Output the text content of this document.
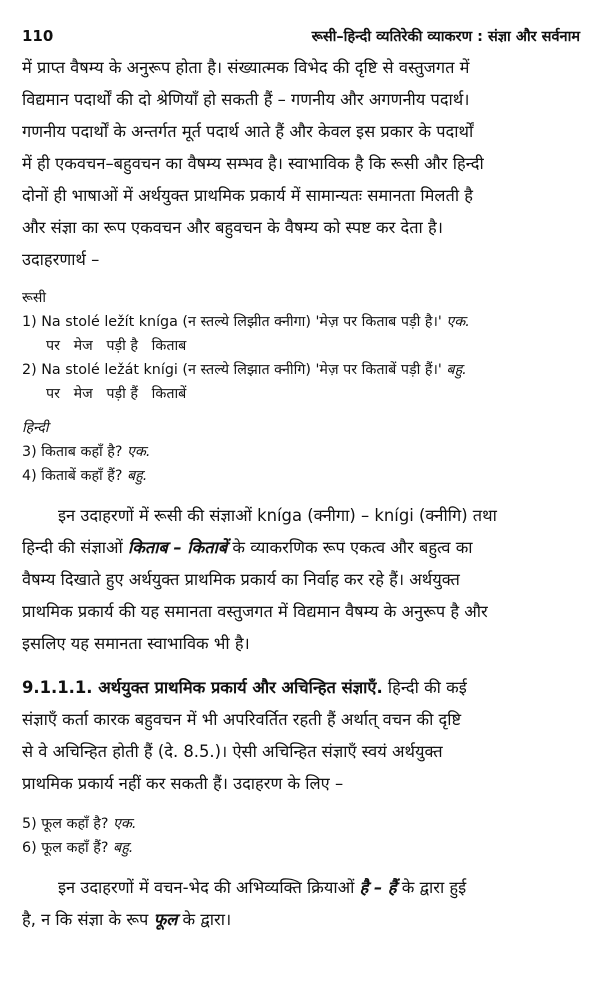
110	रूसी–हिन्दी व्यतिरेकी व्याकरण : संज्ञा और सर्वनाम

में प्राप्त वैषम्य के अनुरूप होता है। संख्यात्मक विभेद की दृष्टि से वस्तुजगत में

विद्यमान पदार्थों की दो श्रेणियाँ हो सकती हैं – गणनीय और अगणनीय पदार्थ।

गणनीय पदार्थों के अन्तर्गत मूर्त पदार्थ आते हैं और केवल इस प्रकार के पदार्थों

में ही एकवचन–बहुवचन का वैषम्य सम्भव है। स्वाभाविक है कि रूसी और हिन्दी

दोनों ही भाषाओं में अर्थयुक्त प्राथमिक प्रकार्य में सामान्यतः समानता मिलती है

और संज्ञा का रूप एकवचन और बहुवचन के वैषम्य को स्पष्ट कर देता है।

उदाहरणार्थ –

रूसी
1) Na stolé ležít kníga (न स्तल्ये लिझीत क्नीगा) 'मेज़ पर किताब पड़ी है।' एक.
पर   मेज   पड़ी है   किताब
2) Na stolé ležát knígi (न स्तल्ये लिझात क्नीगि) 'मेज़ पर किताबें पड़ी हैं।' बहु.
पर   मेज   पड़ी हैं   किताबें
हिन्दी
3) किताब कहाँ है? एक.
4) किताबें कहाँ हैं? बहु.

इन उदाहरणों में रूसी की संज्ञाओं kníga (क्नीगा) – knígi (क्नीगि) तथा

हिन्दी की संज्ञाओं किताब – किताबें के व्याकरणिक रूप एकत्व और बहुत्व का

वैषम्य दिखाते हुए अर्थयुक्त प्राथमिक प्रकार्य का निर्वाह कर रहे हैं। अर्थयुक्त

प्राथमिक प्रकार्य की यह समानता वस्तुजगत में विद्यमान वैषम्य के अनुरूप है और

इसलिए यह समानता स्वाभाविक भी है।

9.1.1.1. अर्थयुक्त प्राथमिक प्रकार्य और अचिन्हित संज्ञाएँ. हिन्दी की कई

संज्ञाएँ कर्ता कारक बहुवचन में भी अपरिवर्तित रहती हैं अर्थात् वचन की दृष्टि

से वे अचिन्हित होती हैं (दे. 8.5.)। ऐसी अचिन्हित संज्ञाएँ स्वयं अर्थयुक्त

प्राथमिक प्रकार्य नहीं कर सकती हैं। उदाहरण के लिए –

5) फूल कहाँ है? एक.
6) फूल कहाँ हैं? बहु.

इन उदाहरणों में वचन-भेद की अभिव्यक्ति क्रियाओं है – हैं के द्वारा हुई

है, न कि संज्ञा के रूप फूल के द्वारा।
